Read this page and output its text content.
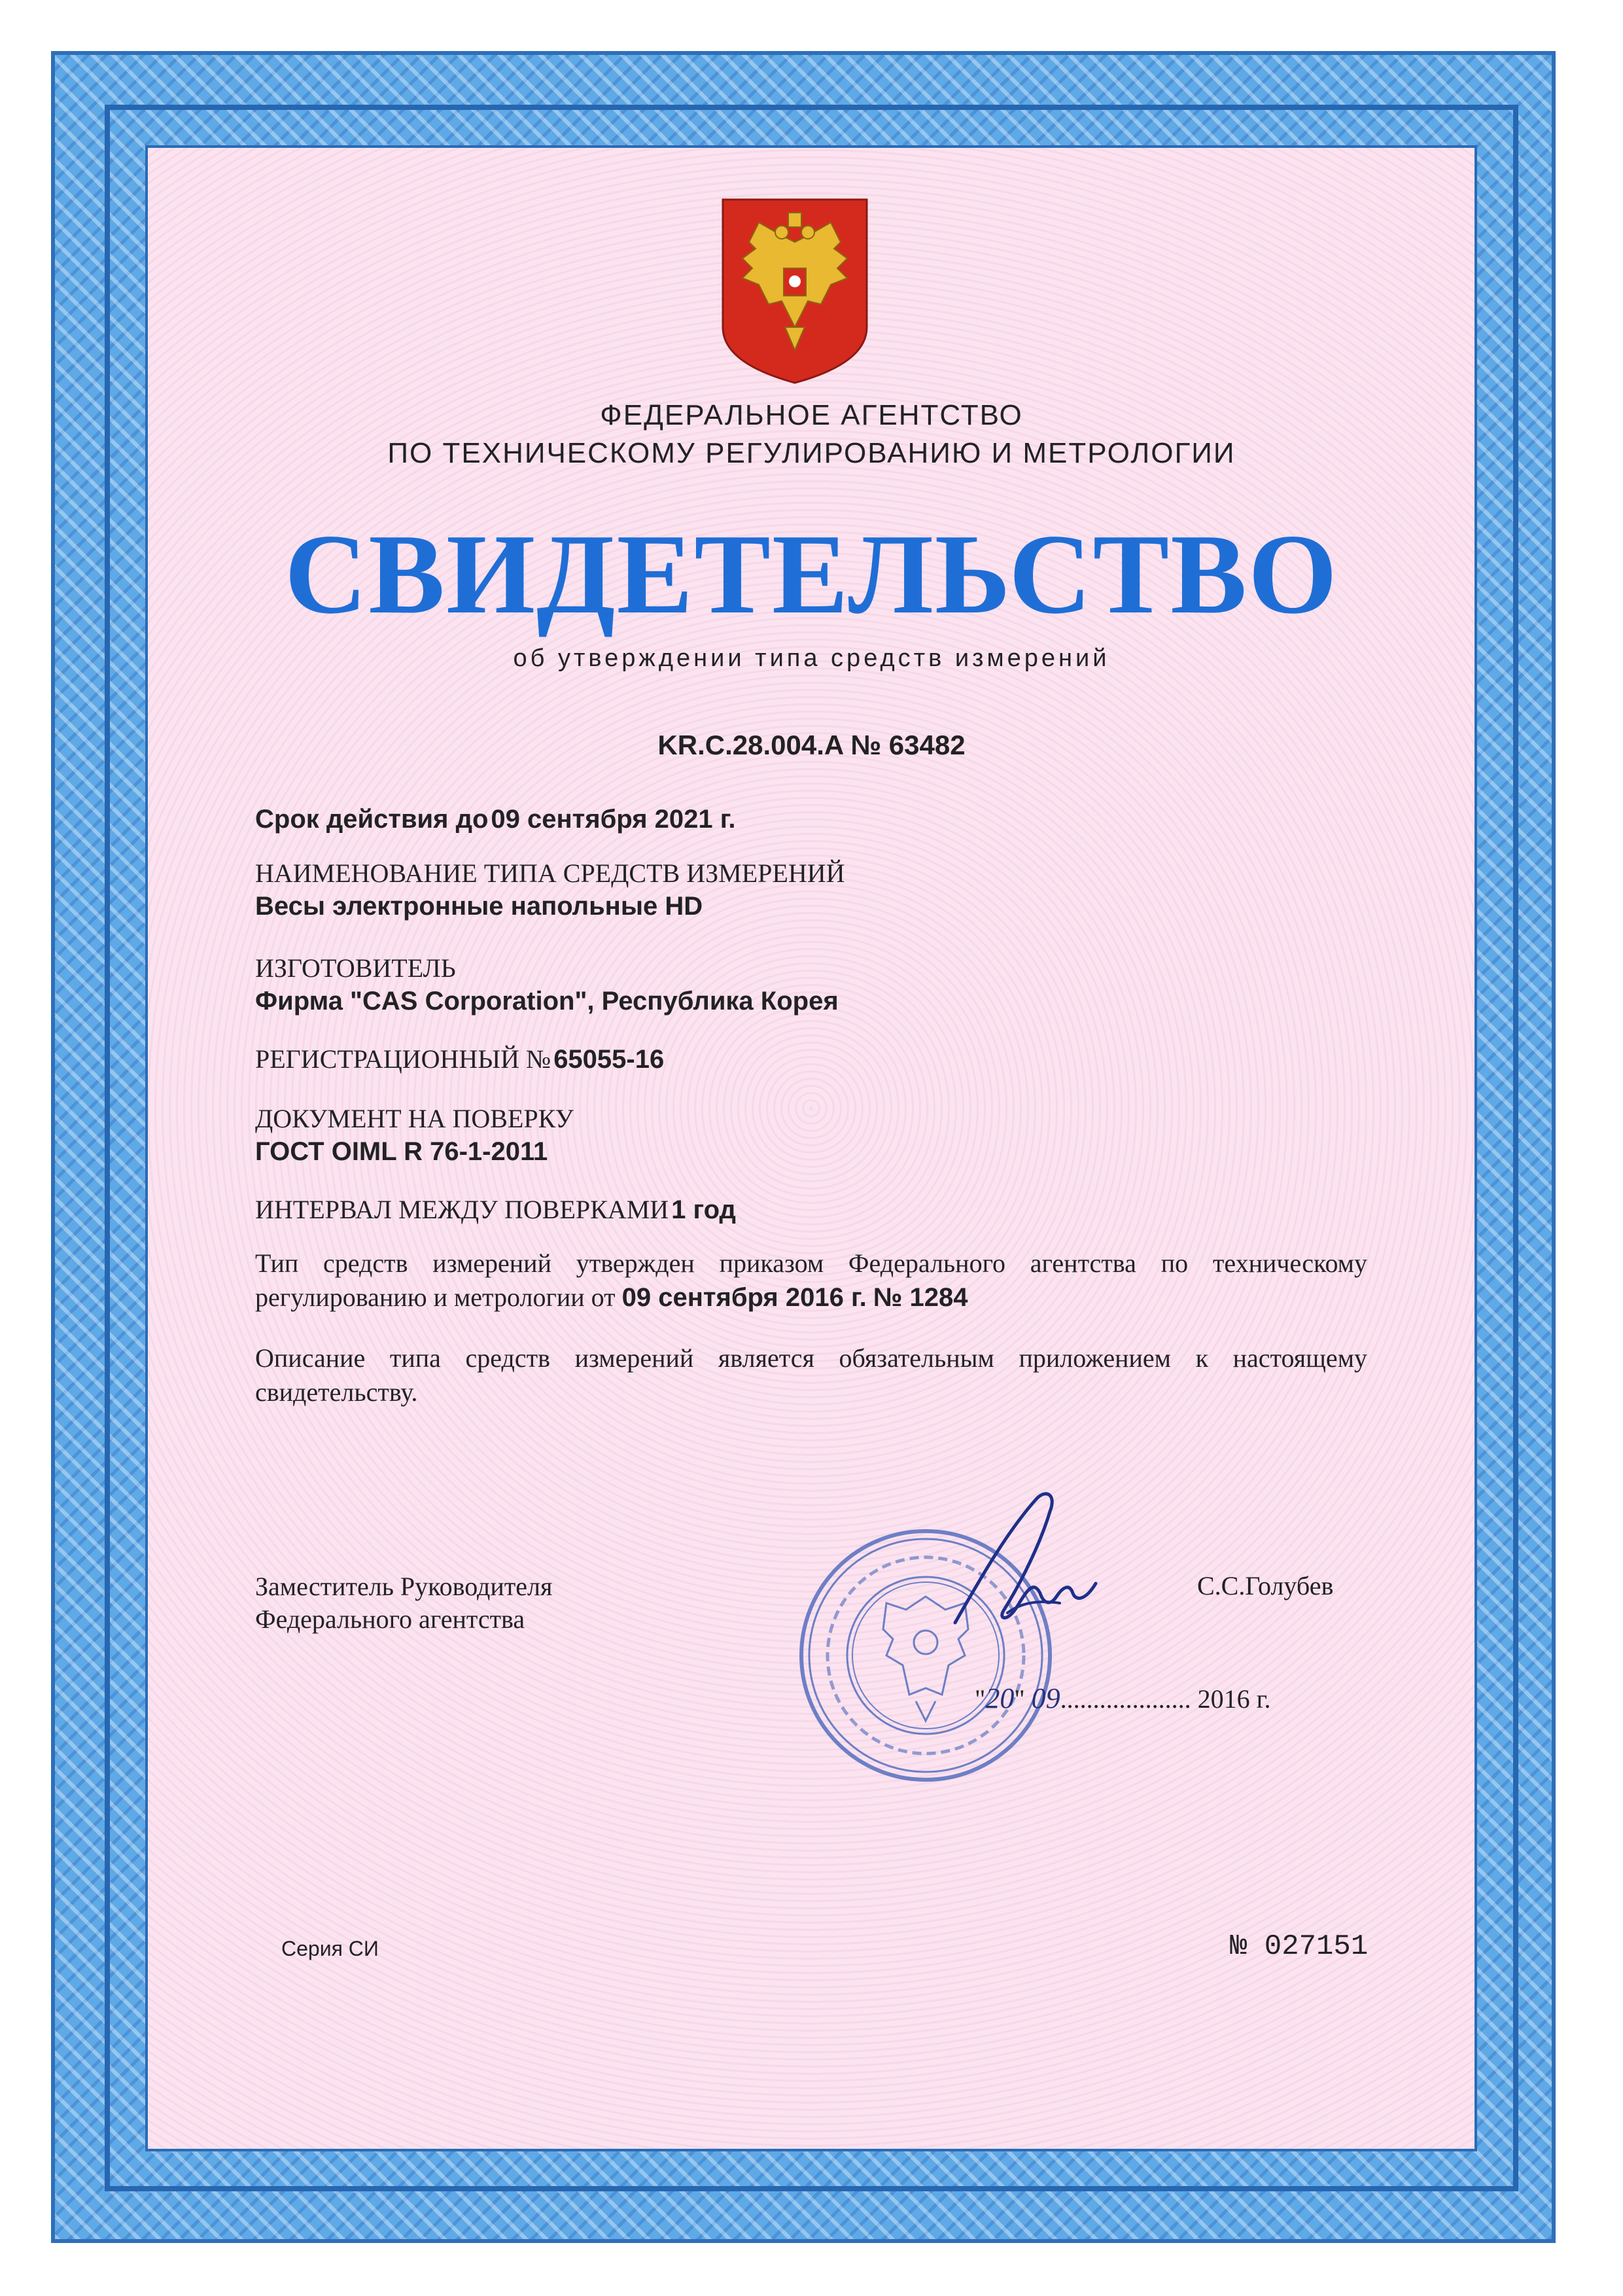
ФЕДЕРАЛЬНОЕ АГЕНТСТВО
ПО ТЕХНИЧЕСКОМУ РЕГУЛИРОВАНИЮ И МЕТРОЛОГИИ
СВИДЕТЕЛЬСТВО
об утверждении типа средств измерений
KR.C.28.004.A № 63482
Срок действия до 09 сентября 2021 г.
НАИМЕНОВАНИЕ ТИПА СРЕДСТВ ИЗМЕРЕНИЙ
Весы электронные напольные HD
ИЗГОТОВИТЕЛЬ
Фирма "CAS Corporation", Республика Корея
РЕГИСТРАЦИОННЫЙ № 65055-16
ДОКУМЕНТ НА ПОВЕРКУ
ГОСТ OIML R 76-1-2011
ИНТЕРВАЛ МЕЖДУ ПОВЕРКАМИ 1 год
Тип средств измерений утвержден приказом Федерального агентства по техническому регулированию и метрологии от 09 сентября 2016 г. № 1284
Описание типа средств измерений является обязательным приложением к настоящему свидетельству.
Заместитель Руководителя
Федерального агентства
С.С.Голубев
"20" 09.................... 2016 г.
Серия СИ	№ 027151
